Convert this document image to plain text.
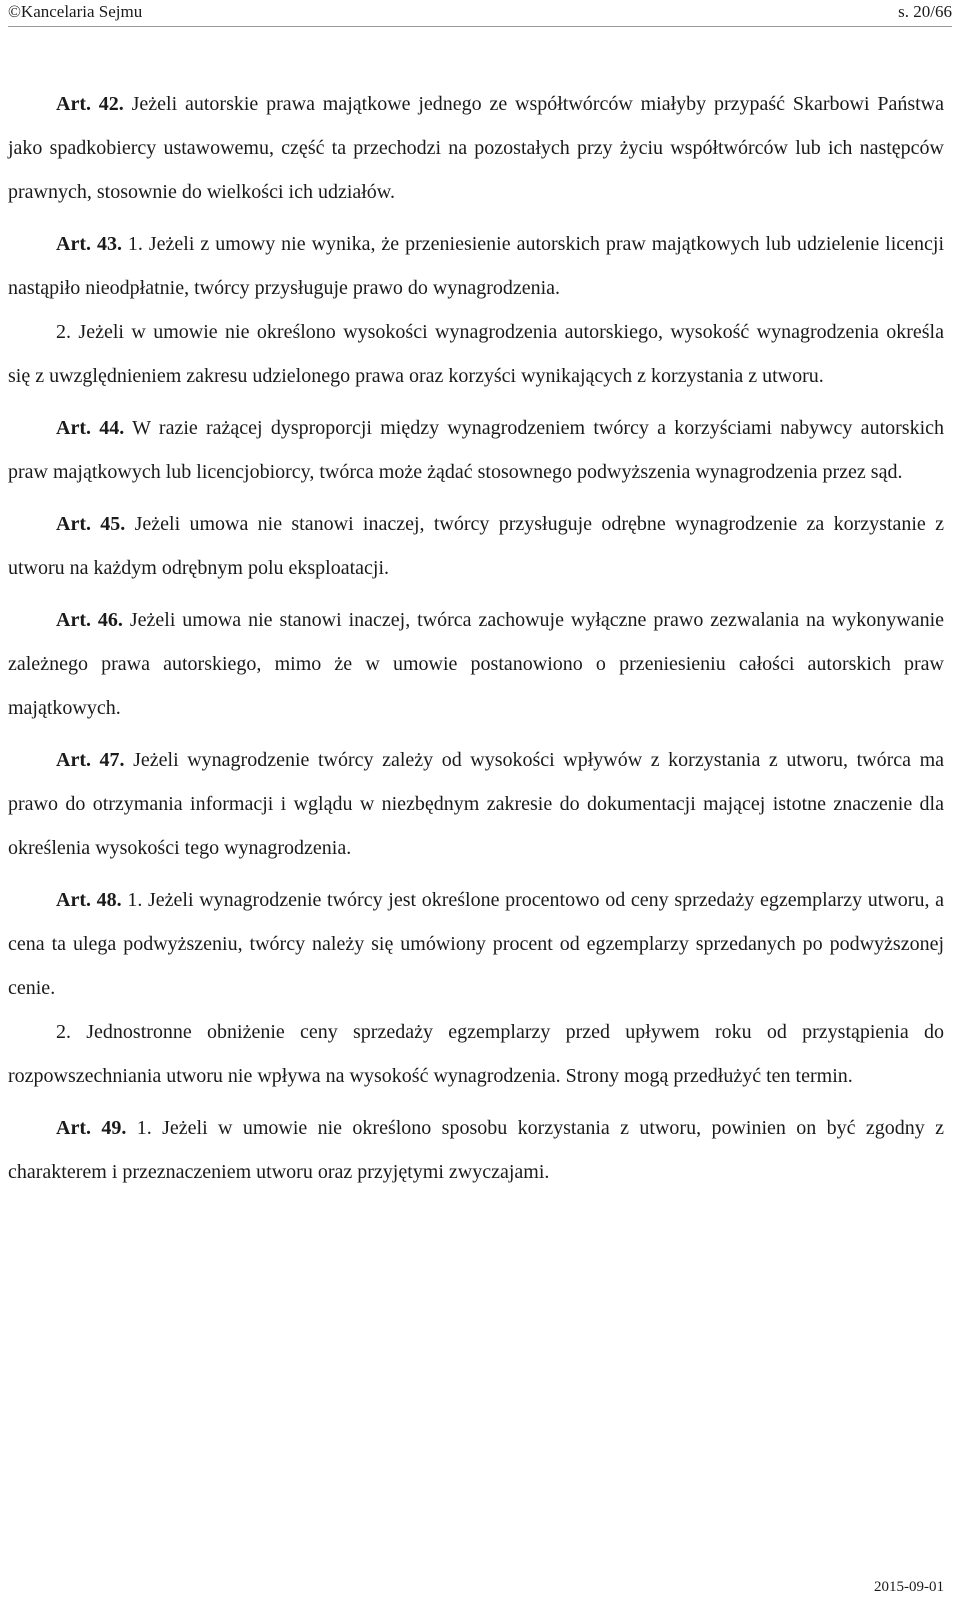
©Kancelaria Sejmu	s. 20/66

Art. 42. Jeżeli autorskie prawa majątkowe jednego ze współtwórców miałyby przypaść Skarbowi Państwa jako spadkobiercy ustawowemu, część ta przechodzi na pozostałych przy życiu współtwórców lub ich następców prawnych, stosownie do wielkości ich udziałów.

Art. 43. 1. Jeżeli z umowy nie wynika, że przeniesienie autorskich praw majątkowych lub udzielenie licencji nastąpiło nieodpłatnie, twórcy przysługuje prawo do wynagrodzenia.

2. Jeżeli w umowie nie określono wysokości wynagrodzenia autorskiego, wysokość wynagrodzenia określa się z uwzględnieniem zakresu udzielonego prawa oraz korzyści wynikających z korzystania z utworu.

Art. 44. W razie rażącej dysproporcji między wynagrodzeniem twórcy a korzyściami nabywcy autorskich praw majątkowych lub licencjobiorcy, twórca może żądać stosownego podwyższenia wynagrodzenia przez sąd.

Art. 45. Jeżeli umowa nie stanowi inaczej, twórcy przysługuje odrębne wynagrodzenie za korzystanie z utworu na każdym odrębnym polu eksploatacji.

Art. 46. Jeżeli umowa nie stanowi inaczej, twórca zachowuje wyłączne prawo zezwalania na wykonywanie zależnego prawa autorskiego, mimo że w umowie postanowiono o przeniesieniu całości autorskich praw majątkowych.

Art. 47. Jeżeli wynagrodzenie twórcy zależy od wysokości wpływów z korzystania z utworu, twórca ma prawo do otrzymania informacji i wglądu w niezbędnym zakresie do dokumentacji mającej istotne znaczenie dla określenia wysokości tego wynagrodzenia.

Art. 48. 1. Jeżeli wynagrodzenie twórcy jest określone procentowo od ceny sprzedaży egzemplarzy utworu, a cena ta ulega podwyższeniu, twórcy należy się umówiony procent od egzemplarzy sprzedanych po podwyższonej cenie.

2. Jednostronne obniżenie ceny sprzedaży egzemplarzy przed upływem roku od przystąpienia do rozpowszechniania utworu nie wpływa na wysokość wynagrodzenia. Strony mogą przedłużyć ten termin.

Art. 49. 1. Jeżeli w umowie nie określono sposobu korzystania z utworu, powinien on być zgodny z charakterem i przeznaczeniem utworu oraz przyjętymi zwyczajami.

2015-09-01
